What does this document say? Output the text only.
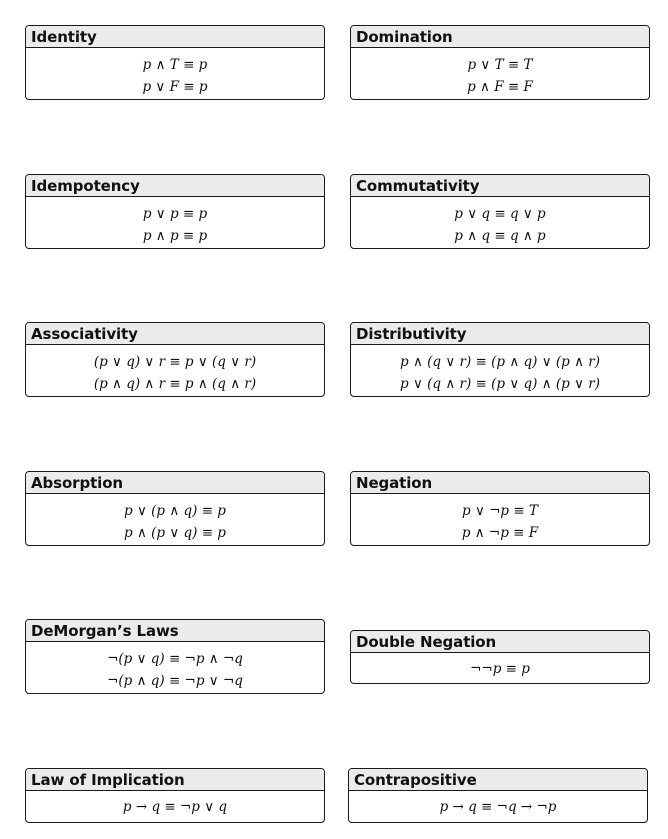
Identity
p ∧ T ≡ p
p ∨ F ≡ p
Domination
p ∨ T ≡ T
p ∧ F ≡ F
Idempotency
p ∨ p ≡ p
p ∧ p ≡ p
Commutativity
p ∨ q ≡ q ∨ p
p ∧ q ≡ q ∧ p
Associativity
(p ∨ q) ∨ r ≡ p ∨ (q ∨ r)
(p ∧ q) ∧ r ≡ p ∧ (q ∧ r)
Distributivity
p ∧ (q ∨ r) ≡ (p ∧ q) ∨ (p ∧ r)
p ∨ (q ∧ r) ≡ (p ∨ q) ∧ (p ∨ r)
Absorption
p ∨ (p ∧ q) ≡ p
p ∧ (p ∨ q) ≡ p
Negation
p ∨ ¬p ≡ T
p ∧ ¬p ≡ F
DeMorgan’s Laws
¬(p ∨ q) ≡ ¬p ∧ ¬q
¬(p ∧ q) ≡ ¬p ∨ ¬q
Double Negation
¬¬p ≡ p
Law of Implication
p → q ≡ ¬p ∨ q
Contrapositive
p → q ≡ ¬q → ¬p
